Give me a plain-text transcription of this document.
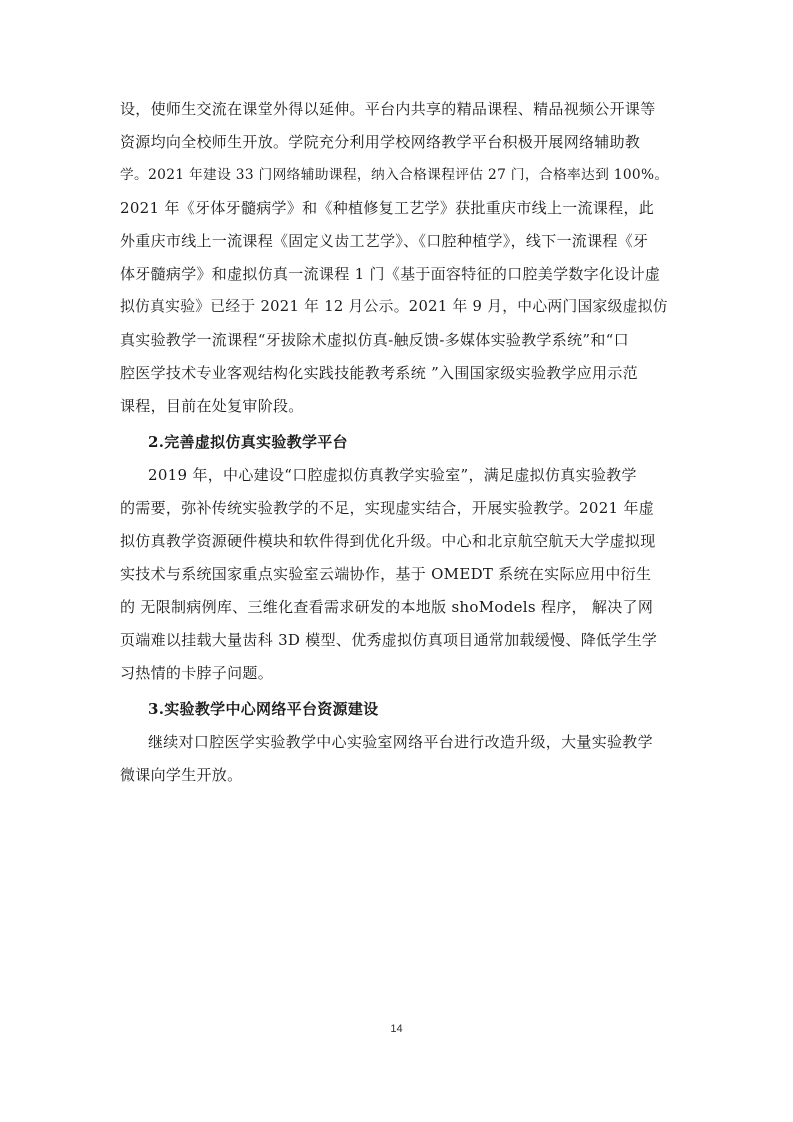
设，使师生交流在课堂外得以延伸。平台内共享的精品课程、精品视频公开课等
资源均向全校师生开放。学院充分利用学校网络教学平台积极开展网络辅助教
学。2021 年建设 33 门网络辅助课程，纳入合格课程评估 27 门，合格率达到 100%。
2021 年《牙体牙髓病学》和《种植修复工艺学》获批重庆市线上一流课程，此
外重庆市线上一流课程《固定义齿工艺学》、《口腔种植学》，线下一流课程《牙
体牙髓病学》和虚拟仿真一流课程 1 门《基于面容特征的口腔美学数字化设计虚
拟仿真实验》已经于 2021 年 12 月公示。2021 年 9 月，中心两门国家级虚拟仿
真实验教学一流课程“牙拔除术虚拟仿真-触反馈-多媒体实验教学系统”和“口
腔医学技术专业客观结构化实践技能教考系统 ”入围国家级实验教学应用示范
课程，目前在处复审阶段。
2.完善虚拟仿真实验教学平台
2019 年，中心建设“口腔虚拟仿真教学实验室”，满足虚拟仿真实验教学
的需要，弥补传统实验教学的不足，实现虚实结合，开展实验教学。2021 年虚
拟仿真教学资源硬件模块和软件得到优化升级。中心和北京航空航天大学虚拟现
实技术与系统国家重点实验室云端协作，基于 OMEDT 系统在实际应用中衍生
的 无限制病例库、三维化查看需求研发的本地版 shoModels 程序， 解决了网
页端难以挂载大量齿科 3D 模型、优秀虚拟仿真项目通常加载缓慢、降低学生学
习热情的卡脖子问题。
3.实验教学中心网络平台资源建设
继续对口腔医学实验教学中心实验室网络平台进行改造升级，大量实验教学
微课向学生开放。
14
